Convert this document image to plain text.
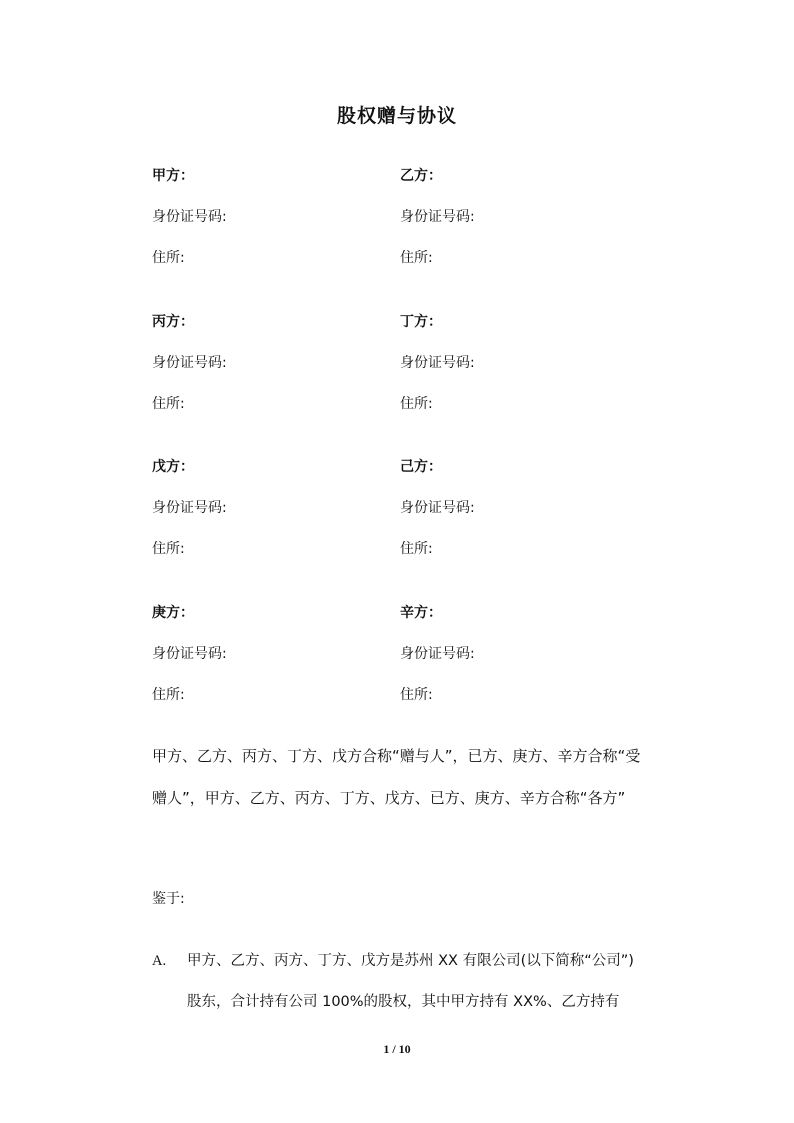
股权赠与协议
甲方：
身份证号码:
住所:
乙方：
身份证号码:
住所:
丙方：
身份证号码:
住所:
丁方：
身份证号码:
住所:
戊方：
身份证号码:
住所:
己方：
身份证号码:
住所:
庚方：
身份证号码:
住所:
辛方：
身份证号码:
住所:
甲方、乙方、丙方、丁方、戊方合称“赠与人”，已方、庚方、辛方合称“受
赠人”，甲方、乙方、丙方、丁方、戊方、已方、庚方、辛方合称“各方”
鉴于:
A. 甲方、乙方、丙方、丁方、戊方是苏州 XX 有限公司(以下简称“公司”)
股东，合计持有公司 100%的股权，其中甲方持有 XX%、乙方持有
1 / 10
